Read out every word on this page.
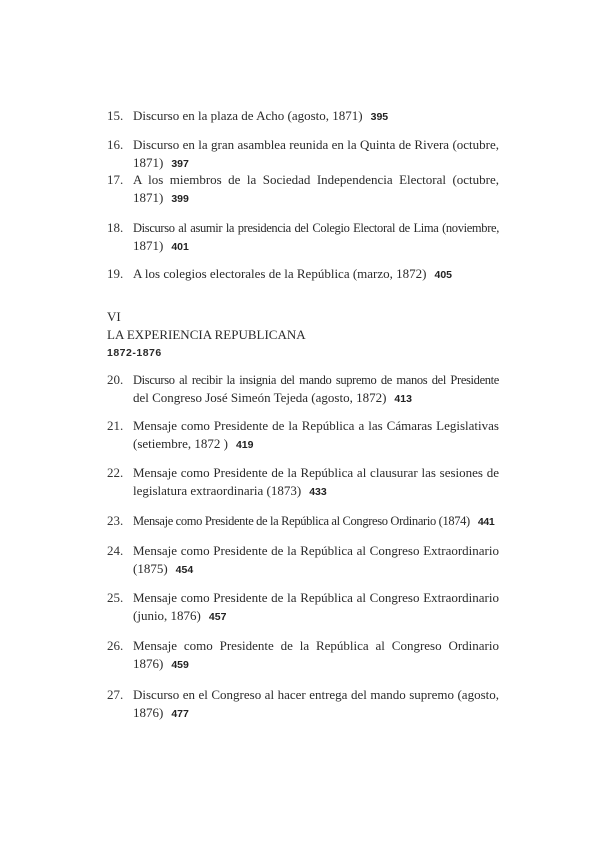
15. Discurso en la plaza de Acho (agosto, 1871) 395
16. Discurso en la gran asamblea reunida en la Quinta de Rivera (octubre,
1871) 397
17. A los miembros de la Sociedad Independencia Electoral (octubre,
1871) 399
18. Discurso al asumir la presidencia del Colegio Electoral de Lima (noviembre,
1871) 401
19. A los colegios electorales de la República (marzo, 1872) 405
VI
LA EXPERIENCIA REPUBLICANA
1872-1876
20. Discurso al recibir la insignia del mando supremo de manos del Presidente
del Congreso José Simeón Tejeda (agosto, 1872) 413
21. Mensaje como Presidente de la República a las Cámaras Legislativas
(setiembre, 1872 ) 419
22. Mensaje como Presidente de la República al clausurar las sesiones de
legislatura extraordinaria (1873) 433
23. Mensaje como Presidente de la República al Congreso Ordinario (1874) 441
24. Mensaje como Presidente de la República al Congreso Extraordinario
(1875) 454
25. Mensaje como Presidente de la República al Congreso Extraordinario
(junio, 1876) 457
26. Mensaje como Presidente de la República al Congreso Ordinario
1876) 459
27. Discurso en el Congreso al hacer entrega del mando supremo (agosto,
1876) 477
